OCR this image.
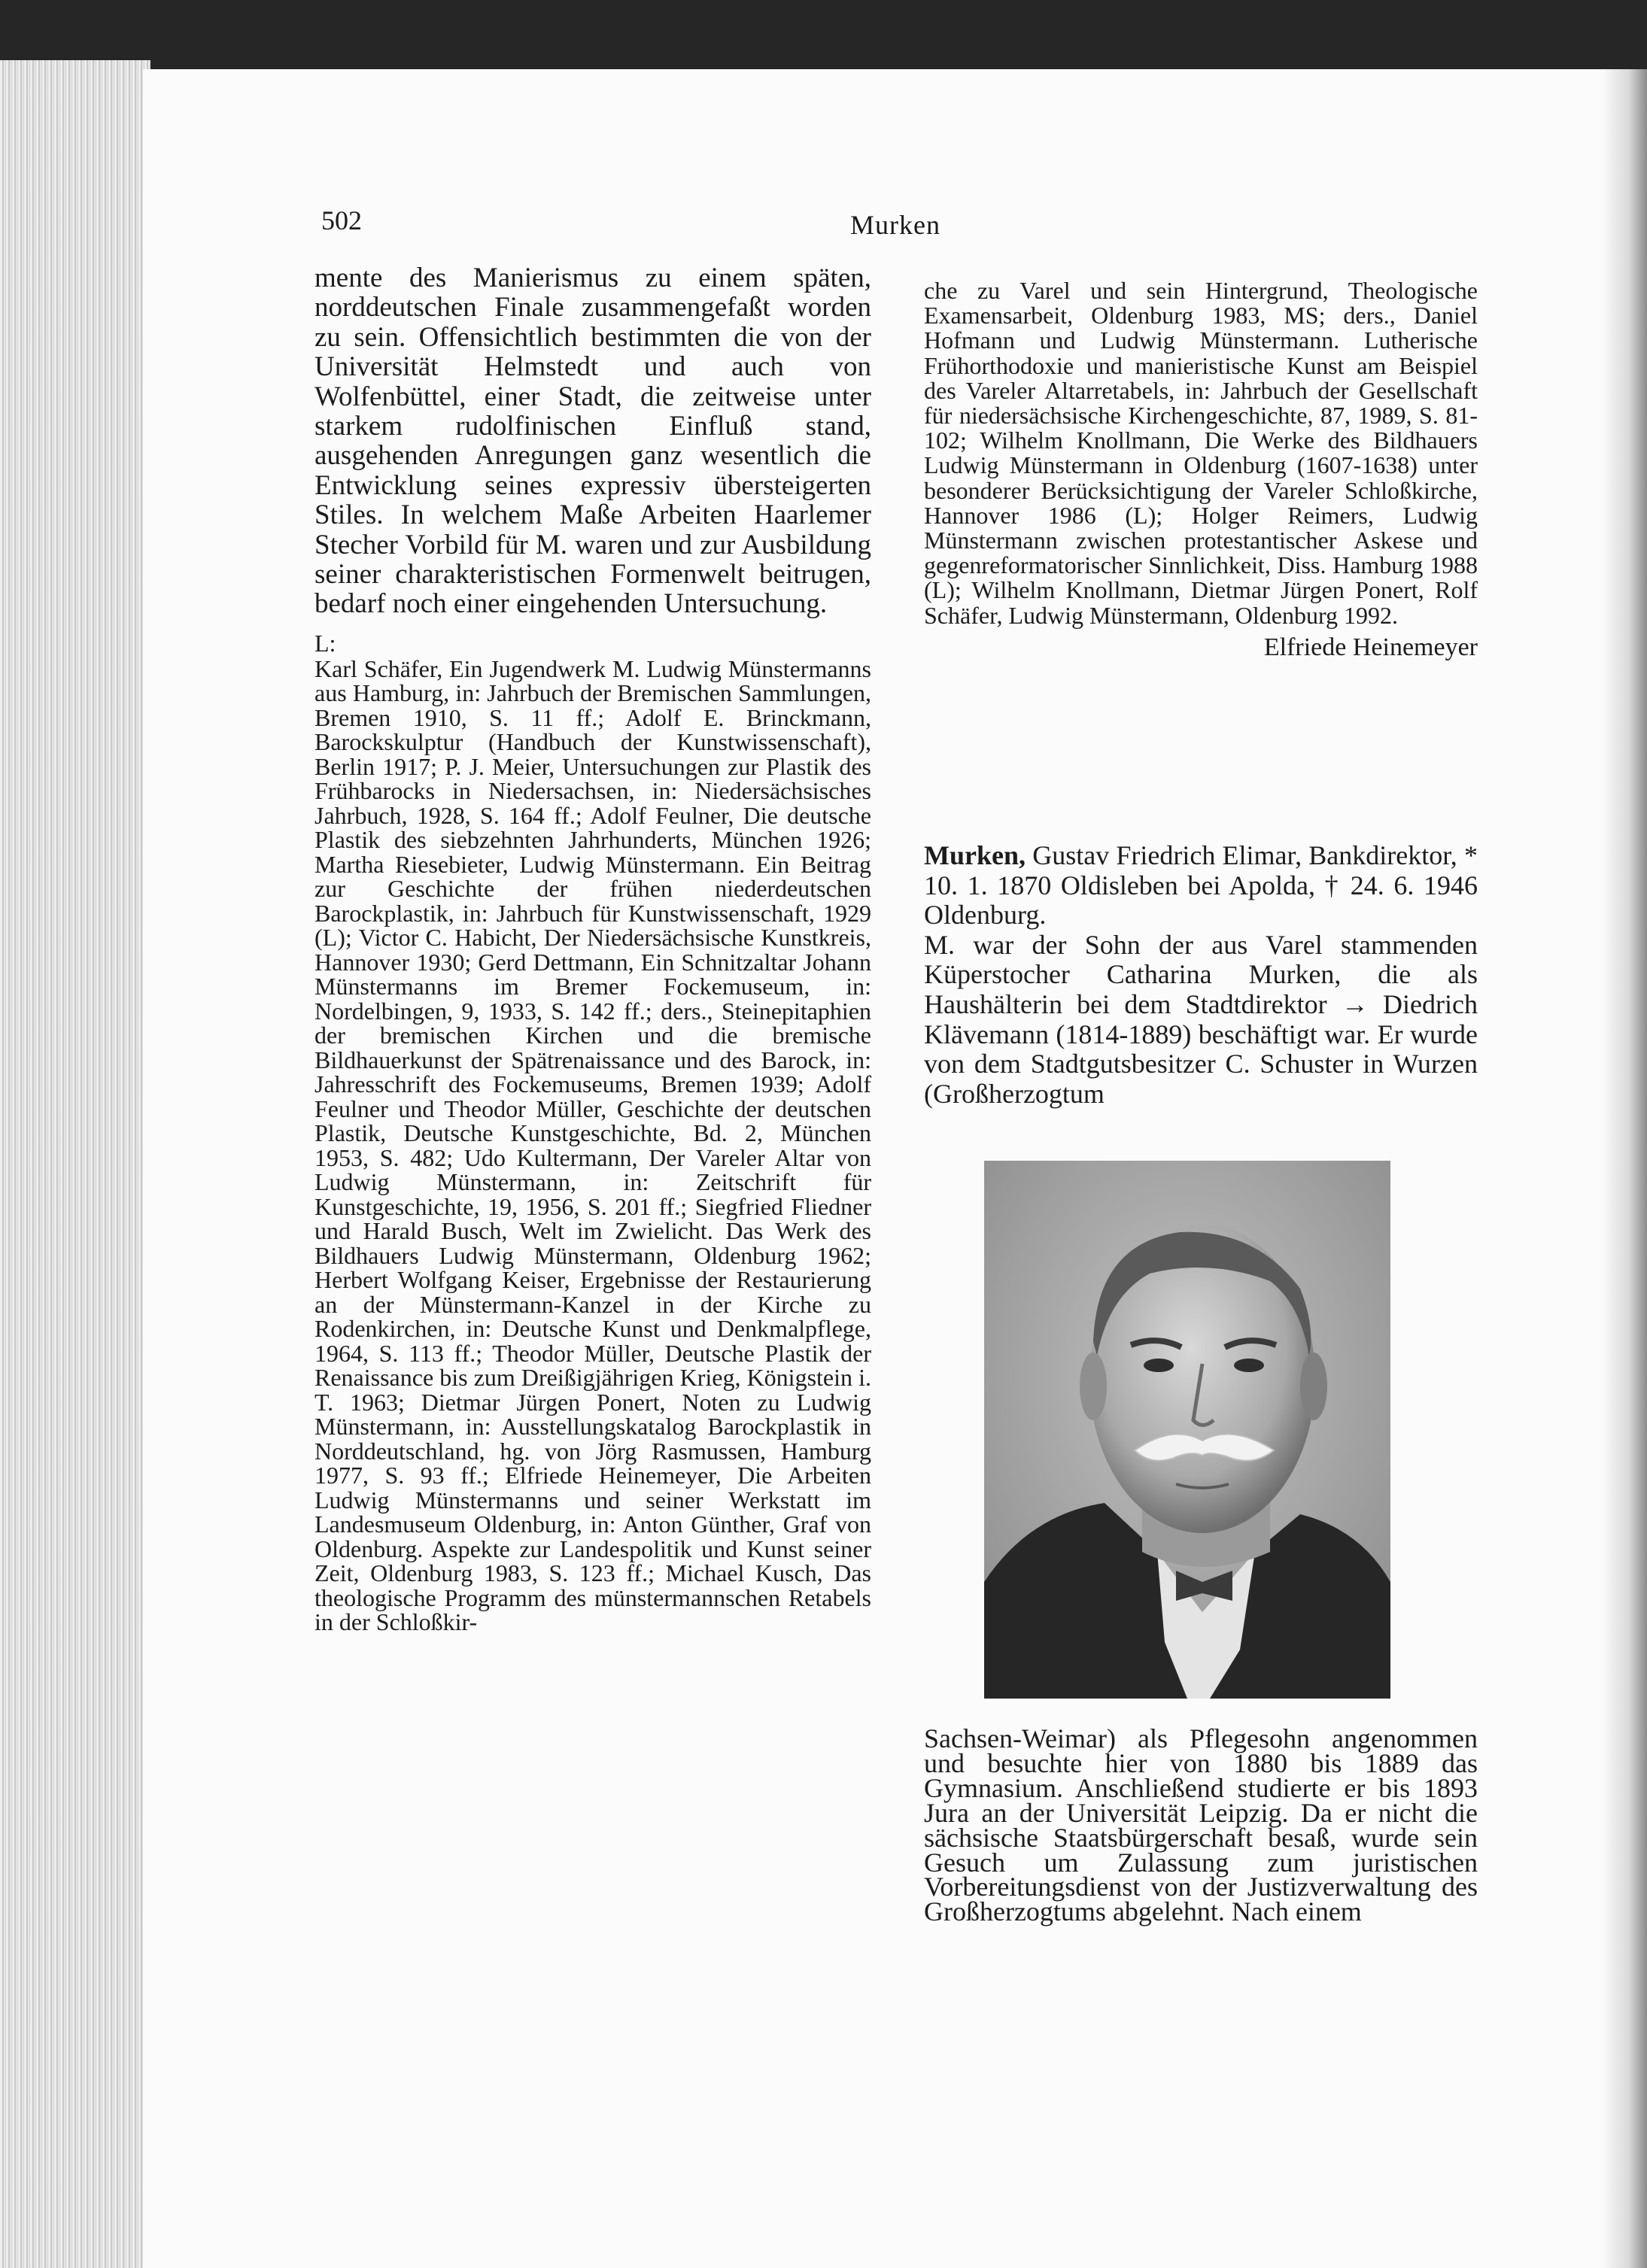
502	Murken

mente des Manierismus zu einem späten, norddeutschen Finale zusammengefaßt worden zu sein. Offensichtlich bestimmten die von der Universität Helmstedt und auch von Wolfenbüttel, einer Stadt, die zeitweise unter starkem rudolfinischen Einfluß stand, ausgehenden Anregungen ganz wesentlich die Entwicklung seines expressiv übersteigerten Stiles. In welchem Maße Arbeiten Haarlemer Stecher Vorbild für M. waren und zur Ausbildung seiner charakteristischen Formenwelt beitrugen, bedarf noch einer eingehenden Untersuchung.

L:

Karl Schäfer, Ein Jugendwerk M. Ludwig Münstermanns aus Hamburg, in: Jahrbuch der Bremischen Sammlungen, Bremen 1910, S. 11 ff.; Adolf E. Brinckmann, Barockskulptur (Handbuch der Kunstwissenschaft), Berlin 1917; P. J. Meier, Untersuchungen zur Plastik des Frühbarocks in Niedersachsen, in: Niedersächsisches Jahrbuch, 1928, S. 164 ff.; Adolf Feulner, Die deutsche Plastik des siebzehnten Jahrhunderts, München 1926; Martha Riesebieter, Ludwig Münstermann. Ein Beitrag zur Geschichte der frühen niederdeutschen Barockplastik, in: Jahrbuch für Kunstwissenschaft, 1929 (L); Victor C. Habicht, Der Niedersächsische Kunstkreis, Hannover 1930; Gerd Dettmann, Ein Schnitzaltar Johann Münstermanns im Bremer Fockemuseum, in: Nordelbingen, 9, 1933, S. 142 ff.; ders., Steinepitaphien der bremischen Kirchen und die bremische Bildhauerkunst der Spätrenaissance und des Barock, in: Jahresschrift des Fockemuseums, Bremen 1939; Adolf Feulner und Theodor Müller, Geschichte der deutschen Plastik, Deutsche Kunstgeschichte, Bd. 2, München 1953, S. 482; Udo Kultermann, Der Vareler Altar von Ludwig Münstermann, in: Zeitschrift für Kunstgeschichte, 19, 1956, S. 201 ff.; Siegfried Fliedner und Harald Busch, Welt im Zwielicht. Das Werk des Bildhauers Ludwig Münstermann, Oldenburg 1962; Herbert Wolfgang Keiser, Ergebnisse der Restaurierung an der Münstermann-Kanzel in der Kirche zu Rodenkirchen, in: Deutsche Kunst und Denkmalpflege, 1964, S. 113 ff.; Theodor Müller, Deutsche Plastik der Renaissance bis zum Dreißigjährigen Krieg, Königstein i. T. 1963; Dietmar Jürgen Ponert, Noten zu Ludwig Münstermann, in: Ausstellungskatalog Barockplastik in Norddeutschland, hg. von Jörg Rasmussen, Hamburg 1977, S. 93 ff.; Elfriede Heinemeyer, Die Arbeiten Ludwig Münstermanns und seiner Werkstatt im Landesmuseum Oldenburg, in: Anton Günther, Graf von Oldenburg. Aspekte zur Landespolitik und Kunst seiner Zeit, Oldenburg 1983, S. 123 ff.; Michael Kusch, Das theologische Programm des münstermannschen Retabels in der Schloßkir-

che zu Varel und sein Hintergrund, Theologische Examensarbeit, Oldenburg 1983, MS; ders., Daniel Hofmann und Ludwig Münstermann. Lutherische Frühorthodoxie und manieristische Kunst am Beispiel des Vareler Altarretabels, in: Jahrbuch der Gesellschaft für niedersächsische Kirchengeschichte, 87, 1989, S. 81-102; Wilhelm Knollmann, Die Werke des Bildhauers Ludwig Münstermann in Oldenburg (1607-1638) unter besonderer Berücksichtigung der Vareler Schloßkirche, Hannover 1986 (L); Holger Reimers, Ludwig Münstermann zwischen protestantischer Askese und gegenreformatorischer Sinnlichkeit, Diss. Hamburg 1988 (L); Wilhelm Knollmann, Dietmar Jürgen Ponert, Rolf Schäfer, Ludwig Münstermann, Oldenburg 1992.

Elfriede Heinemeyer

Murken, Gustav Friedrich Elimar, Bankdirektor, * 10. 1. 1870 Oldisleben bei Apolda, † 24. 6. 1946 Oldenburg.

M. war der Sohn der aus Varel stammenden Küperstocher Catharina Murken, die als Haushälterin bei dem Stadtdirektor → Diedrich Klävemann (1814-1889) beschäftigt war. Er wurde von dem Stadtgutsbesitzer C. Schuster in Wurzen (Großherzogtum

Sachsen-Weimar) als Pflegesohn angenommen und besuchte hier von 1880 bis 1889 das Gymnasium. Anschließend studierte er bis 1893 Jura an der Universität Leipzig. Da er nicht die sächsische Staatsbürgerschaft besaß, wurde sein Gesuch um Zulassung zum juristischen Vorbereitungsdienst von der Justizverwaltung des Großherzogtums abgelehnt. Nach einem
